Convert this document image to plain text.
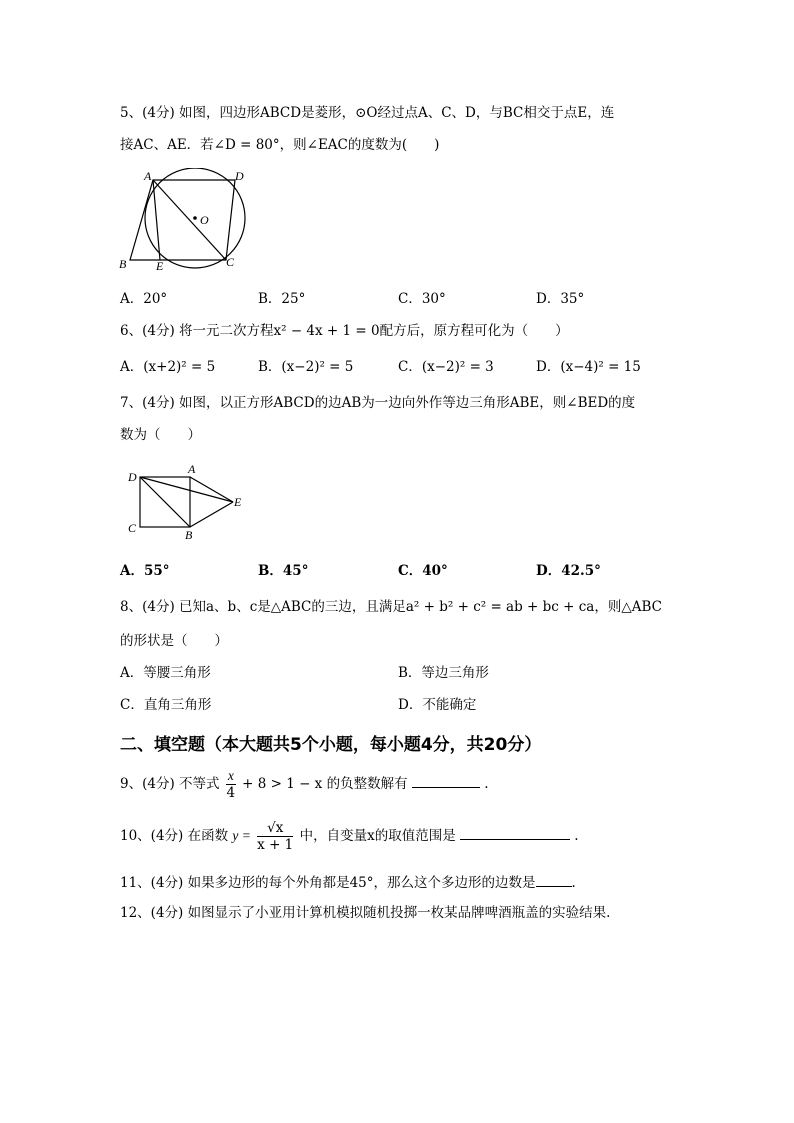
5、(4分) 如图，四边形ABCD是菱形，⊙O经过点A、C、D，与BC相交于点E，连
接AC、AE．若∠D = 80°，则∠EAC的度数为(　　)
A	D
O
B E	C
A．20°	B．25°	C．30°	D．35°
6、(4分) 将一元二次方程x² − 4x + 1 = 0配方后，原方程可化为（　　）
A．(x+2)² = 5	B．(x−2)² = 5	C．(x−2)² = 3	D．(x−4)² = 15
7、(4分) 如图，以正方形ABCD的边AB为一边向外作等边三角形ABE，则∠BED的度
数为（　　）
D
A
E
C	B
A．55°	B．45°	C．40°	D．42.5°
8、(4分) 已知a、b、c是△ABC的三边，且满足a² + b² + c² = ab + bc + ca，则△ABC
的形状是（　　）
A．等腰三角形	B．等边三角形
C．直角三角形	D．不能确定
二、填空题（本大题共5个小题，每小题4分，共20分）
9、(4分) 不等式 $\frac{x}{4} + 8 > 1 - x$ 的负整数解有	.
10、(4分) 在函数 $y = \frac{√x}{x + 1}$ 中，自变量x的取值范围是	.
11、(4分) 如果多边形的每个外角都是45°，那么这个多边形的边数是	.
12、(4分) 如图显示了小亚用计算机模拟随机投掷一枚某品牌啤酒瓶盖的实验结果.
